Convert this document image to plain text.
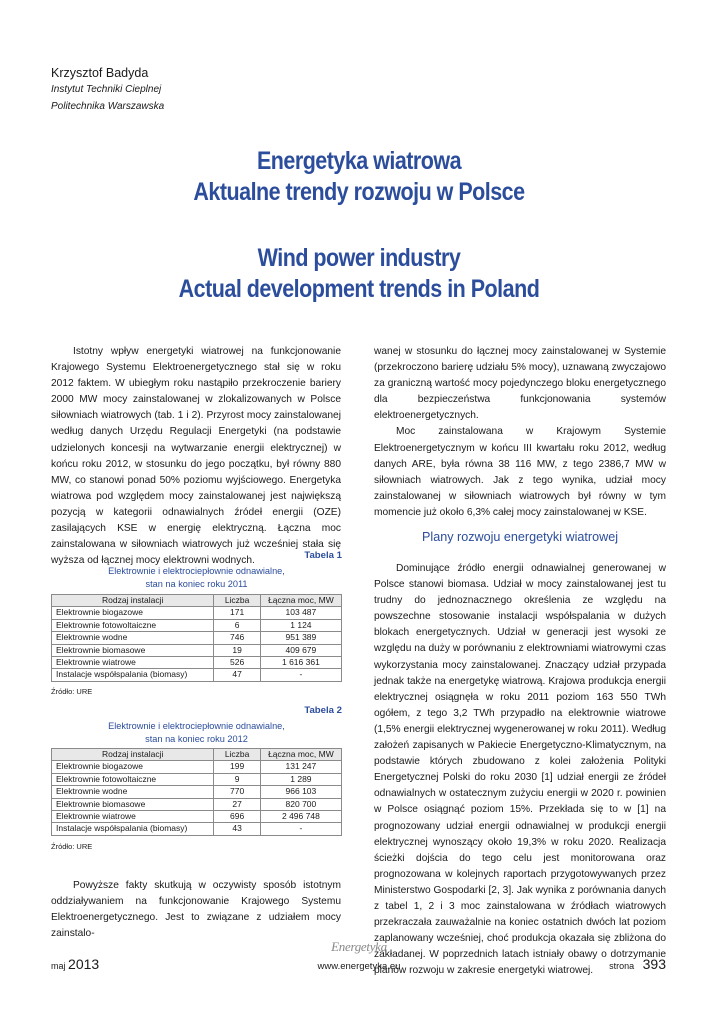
Krzysztof Badyda
Instytut Techniki Cieplnej
Politechnika Warszawska
Energetyka wiatrowa
Aktualne trendy rozwoju w Polsce
Wind power industry
Actual development trends in Poland

Istotny wpływ energetyki wiatrowej na funkcjonowanie Krajowego Systemu Elektroenergetycznego stał się w roku 2012 faktem. W ubiegłym roku nastąpiło przekroczenie bariery 2000 MW mocy zainstalowanej w zlokalizowanych w Polsce siłowniach wiatrowych (tab. 1 i 2). Przyrost mocy zainstalowanej według danych Urzędu Regulacji Energetyki (na podstawie udzielonych koncesji na wytwarzanie energii elektrycznej) w końcu roku 2012, w stosunku do jego początku, był równy 880 MW, co stanowi ponad 50% poziomu wyjściowego. Energetyka wiatrowa pod względem mocy zainstalowanej jest największą pozycją w kategorii odnawialnych źródeł energii (OZE) zasilających KSE w energię elektryczną. Łączna moc zainstalowana w siłowniach wiatrowych już wcześniej stała się wyższa od łącznej mocy elektrowni wodnych.	Tabela 1
Elektrownie i elektrociepłownie odnawialne,
stan na koniec roku 2011
Rodzaj instalacji	Liczba	Łączna moc, MW
Elektrownie biogazowe	171	103 487
Elektrownie fotowoltaiczne	6	1 124
Elektrownie wodne	746	951 389
Elektrownie biomasowe	19	409 679
Elektrownie wiatrowe	526	1 616 361
Instalacje współspalania (biomasy)	47	-
Źródło: URE
Tabela 2
Elektrownie i elektrociepłownie odnawialne,
stan na koniec roku 2012
Rodzaj instalacji	Liczba	Łączna moc, MW
Elektrownie biogazowe	199	131 247
Elektrownie fotowoltaiczne	9	1 289
Elektrownie wodne	770	966 103
Elektrownie biomasowe	27	820 700
Elektrownie wiatrowe	696	2 496 748
Instalacje współspalania (biomasy)	43	-
Źródło: URE

Powyższe fakty skutkują w oczywisty sposób istotnym oddziaływaniem na funkcjonowanie Krajowego Systemu Elektroenergetycznego. Jest to związane z udziałem mocy zainstalo-

wanej w stosunku do łącznej mocy zainstalowanej w Systemie (przekroczono barierę udziału 5% mocy), uznawaną zwyczajowo za graniczną wartość mocy pojedynczego bloku energetycznego dla bezpieczeństwa funkcjonowania systemów elektroenergetycznych.

Moc zainstalowana w Krajowym Systemie Elektroenergetycznym w końcu III kwartału roku 2012, według danych ARE, była równa 38 116 MW, z tego 2386,7 MW w siłowniach wiatrowych. Jak z tego wynika, udział mocy zainstalowanej w siłowniach wiatrowych był równy w tym momencie już około 6,3% całej mocy zainstalowanej w KSE.

Plany rozwoju energetyki wiatrowej

Dominujące źródło energii odnawialnej generowanej w Polsce stanowi biomasa. Udział w mocy zainstalowanej jest tu trudny do jednoznacznego określenia ze względu na powszechne stosowanie instalacji współspalania w dużych blokach energetycznych. Udział w generacji jest wysoki ze względu na duży w porównaniu z elektrowniami wiatrowymi czas wykorzystania mocy zainstalowanej. Znaczący udział przypada jednak także na energetykę wiatrową. Krajowa produkcja energii elektrycznej osiągnęła w roku 2011 poziom 163 550 TWh ogółem, z tego 3,2 TWh przypadło na elektrownie wiatrowe (1,5% energii elektrycznej wygenerowanej w roku 2011). Według założeń zapisanych w Pakiecie Energetyczno-Klimatycznym, na podstawie których zbudowano z kolei założenia Polityki Energetycznej Polski do roku 2030 [1] udział energii ze źródeł odnawialnych w ostatecznym zużyciu energii w 2020 r. powinien w Polsce osiągnąć poziom 15%. Przekłada się to w [1] na prognozowany udział energii odnawialnej w produkcji energii elektrycznej wynoszący około 19,3% w roku 2020. Realizacja ścieżki dojścia do tego celu jest monitorowana oraz prognozowana w kolejnych raportach przygotowywanych przez Ministerstwo Gospodarki [2, 3]. Jak wynika z porównania danych z tabel 1, 2 i 3 moc zainstalowana w źródłach wiatrowych przekraczała zauważalnie na koniec ostatnich dwóch lat poziom zaplanowany wcześniej, choć produkcja okazała się zbliżona do zakładanej. W poprzednich latach istniały obawy o dotrzymanie planów rozwoju w zakresie energetyki wiatrowej.

Energetyka
maj 2013	www.energetyka.eu	strona 393
